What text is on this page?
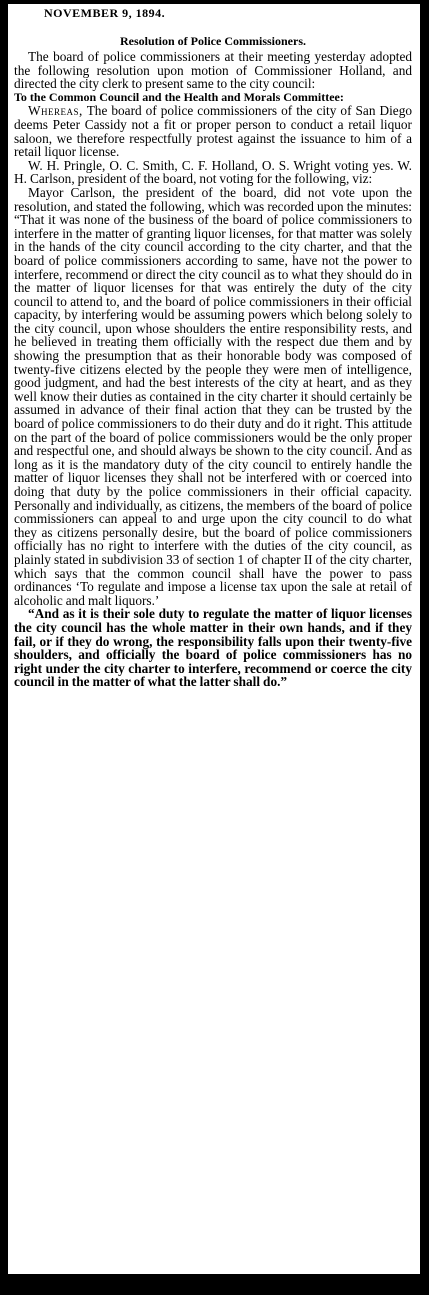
NOVEMBER 9, 1894.
Resolution of Police Commissioners.

The board of police commissioners at their meeting yesterday adopted the following resolution upon motion of Commissioner Holland, and directed the city clerk to present same to the city council:

To the Common Council and the Health and Morals Committee:

Whereas, The board of police commissioners of the city of San Diego deems Peter Cassidy not a fit or proper person to conduct a retail liquor saloon, we therefore respectfully protest against the issuance to him of a retail liquor license.

W. H. Pringle, O. C. Smith, C. F. Holland, O. S. Wright voting yes. W. H. Carlson, president of the board, not voting for the following, viz:

Mayor Carlson, the president of the board, did not vote upon the resolution, and stated the following, which was recorded upon the minutes: “That it was none of the business of the board of police commissioners to interfere in the matter of granting liquor licenses, for that matter was solely in the hands of the city council according to the city charter, and that the board of police commissioners according to same, have not the power to interfere, recommend or direct the city council as to what they should do in the matter of liquor licenses for that was entirely the duty of the city council to attend to, and the board of police commissioners in their official capacity, by interfering would be assuming powers which belong solely to the city council, upon whose shoulders the entire responsibility rests, and he believed in treating them officially with the respect due them and by showing the presumption that as their honorable body was composed of twenty-five citizens elected by the people they were men of intelligence, good judgment, and had the best interests of the city at heart, and as they well know their duties as contained in the city charter it should certainly be assumed in advance of their final action that they can be trusted by the board of police commissioners to do their duty and do it right. This attitude on the part of the board of police commissioners would be the only proper and respectful one, and should always be shown to the city council. And as long as it is the mandatory duty of the city council to entirely handle the matter of liquor licenses they shall not be interfered with or coerced into doing that duty by the police commissioners in their official capacity. Personally and individually, as citizens, the members of the board of police commissioners can appeal to and urge upon the city council to do what they as citizens personally desire, but the board of police commissioners officially has no right to interfere with the duties of the city council, as plainly stated in subdivision 33 of section 1 of chapter II of the city charter, which says that the common council shall have the power to pass ordinances ‘To regulate and impose a license tax upon the sale at retail of alcoholic and malt liquors.’

“And as it is their sole duty to regulate the matter of liquor licenses the city council has the whole matter in their own hands, and if they fail, or if they do wrong, the responsibility falls upon their twenty-five shoulders, and officially the board of police commissioners has no right under the city charter to interfere, recommend or coerce the city council in the matter of what the latter shall do.”
